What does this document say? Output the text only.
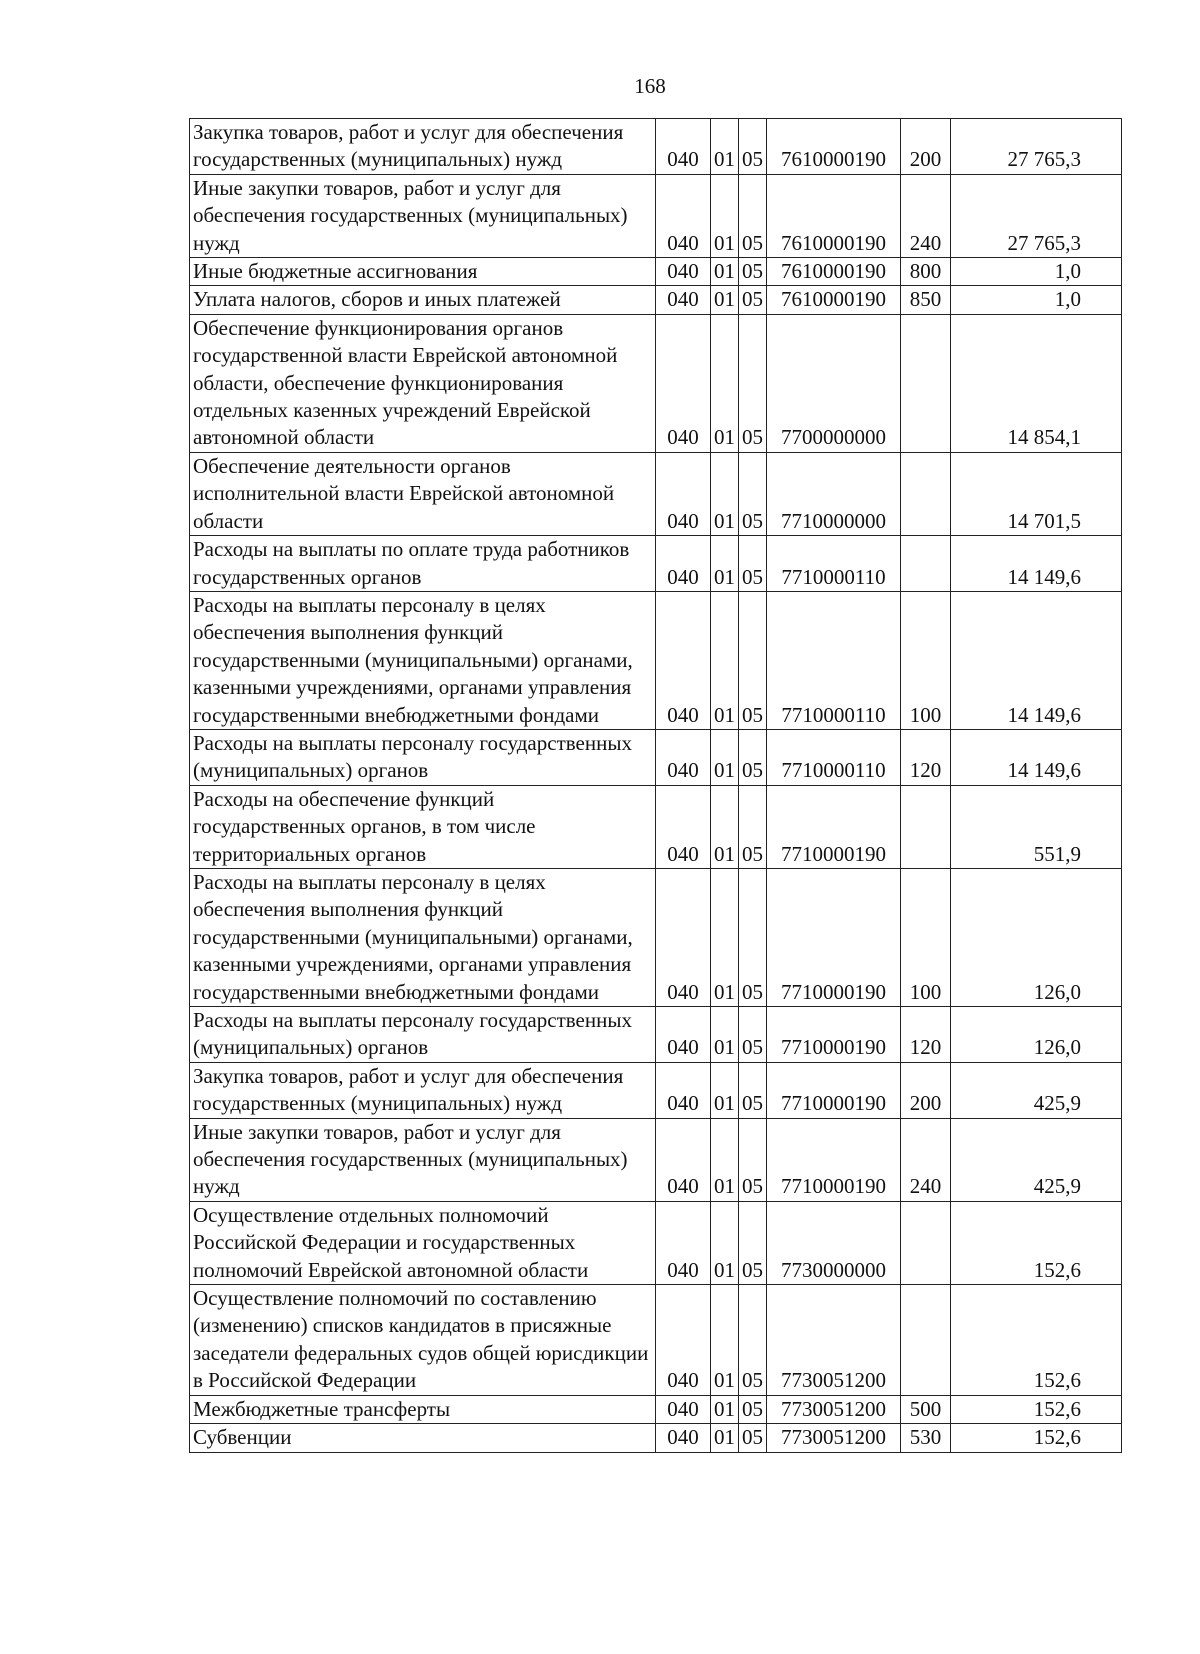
168
Закупка товаров, работ и услуг для обеспечения государственных (муниципальных) нужд	040	01	05	7610000190	200	27 765,3
Иные закупки товаров, работ и услуг для обеспечения государственных (муниципальных) нужд	040	01	05	7610000190	240	27 765,3
Иные бюджетные ассигнования	040	01	05	7610000190	800	1,0
Уплата налогов, сборов и иных платежей	040	01	05	7610000190	850	1,0
Обеспечение функционирования органов государственной власти Еврейской автономной области, обеспечение функционирования отдельных казенных учреждений Еврейской автономной области	040	01	05	7700000000		14 854,1
Обеспечение деятельности органов исполнительной власти Еврейской автономной области	040	01	05	7710000000		14 701,5
Расходы на выплаты по оплате труда работников государственных органов	040	01	05	7710000110		14 149,6
Расходы на выплаты персоналу в целях обеспечения выполнения функций государственными (муниципальными) органами, казенными учреждениями, органами управления государственными внебюджетными фондами	040	01	05	7710000110	100	14 149,6
Расходы на выплаты персоналу государственных (муниципальных) органов	040	01	05	7710000110	120	14 149,6
Расходы на обеспечение функций государственных органов, в том числе территориальных органов	040	01	05	7710000190		551,9
Расходы на выплаты персоналу в целях обеспечения выполнения функций государственными (муниципальными) органами, казенными учреждениями, органами управления государственными внебюджетными фондами	040	01	05	7710000190	100	126,0
Расходы на выплаты персоналу государственных (муниципальных) органов	040	01	05	7710000190	120	126,0
Закупка товаров, работ и услуг для обеспечения государственных (муниципальных) нужд	040	01	05	7710000190	200	425,9
Иные закупки товаров, работ и услуг для обеспечения государственных (муниципальных) нужд	040	01	05	7710000190	240	425,9
Осуществление отдельных полномочий Российской Федерации и государственных полномочий Еврейской автономной области	040	01	05	7730000000		152,6
Осуществление полномочий по составлению (изменению) списков кандидатов в присяжные заседатели федеральных судов общей юрисдикции в Российской Федерации	040	01	05	7730051200		152,6
Межбюджетные трансферты	040	01	05	7730051200	500	152,6
Субвенции	040	01	05	7730051200	530	152,6
